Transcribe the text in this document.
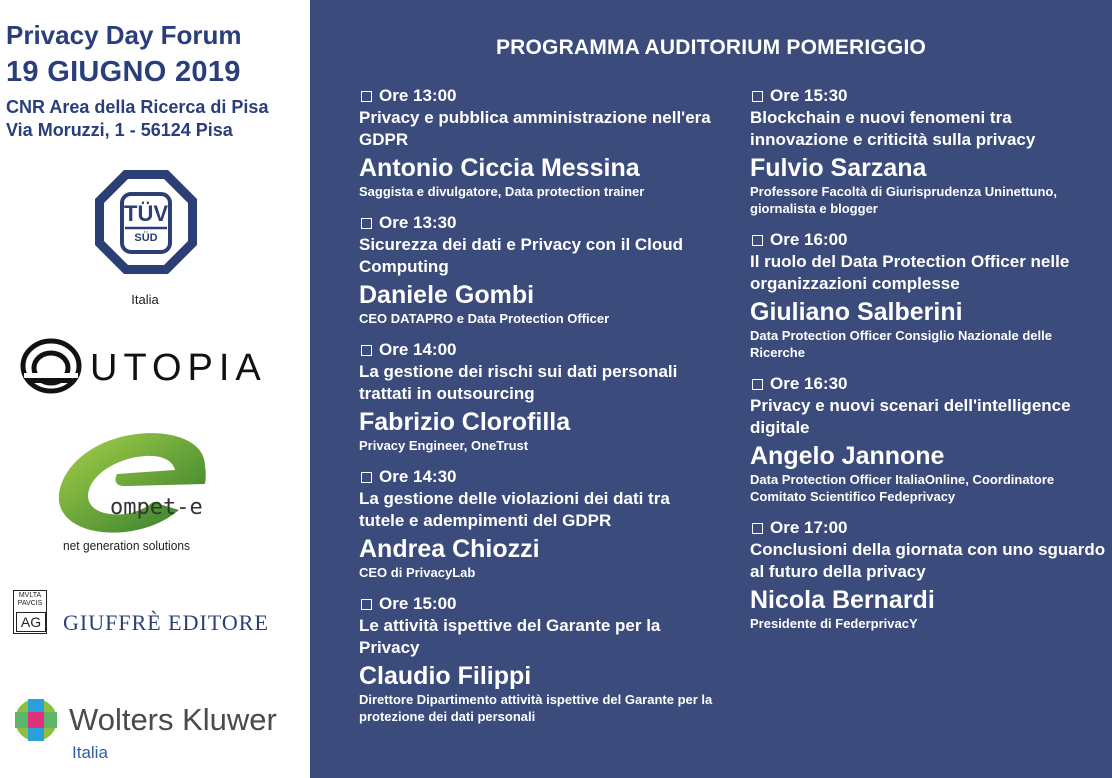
Privacy Day Forum
19 GIUGNO 2019
CNR Area della Ricerca di Pisa
Via Moruzzi, 1 - 56124 Pisa
TÜV
SÜD
Italia
UTOPIA
ompet-e
net generation solutions
MVLTA PAVCIS
AG GIUFFRÈ EDITORE
Wolters Kluwer
Italia
PROGRAMMA AUDITORIUM POMERIGGIO
Ore 13:00
Privacy e pubblica amministrazione nell'era GDPR
Antonio Ciccia Messina
Saggista e divulgatore, Data protection trainer
Ore 13:30
Sicurezza dei dati e Privacy con il Cloud Computing
Daniele Gombi
CEO DATAPRO e Data Protection Officer
Ore 14:00
La gestione dei rischi sui dati personali trattati in outsourcing
Fabrizio Clorofilla
Privacy Engineer, OneTrust
Ore 14:30
La gestione delle violazioni dei dati tra tutele e adempimenti del GDPR
Andrea Chiozzi
CEO di PrivacyLab
Ore 15:00
Le attività ispettive del Garante per la Privacy
Claudio Filippi
Direttore Dipartimento attività ispettive del Garante per la protezione dei dati personali
Ore 15:30
Blockchain e nuovi fenomeni tra innovazione e criticità sulla privacy
Fulvio Sarzana
Professore Facoltà di Giurisprudenza Uninettuno, giornalista e blogger
Ore 16:00
Il ruolo del Data Protection Officer nelle organizzazioni complesse
Giuliano Salberini
Data Protection Officer Consiglio Nazionale delle Ricerche
Ore 16:30
Privacy e nuovi scenari dell'intelligence digitale
Angelo Jannone
Data Protection Officer ItaliaOnline, Coordinatore Comitato Scientifico Fedeprivacy
Ore 17:00
Conclusioni della giornata con uno sguardo al futuro della privacy
Nicola Bernardi
Presidente di FederprivacY
